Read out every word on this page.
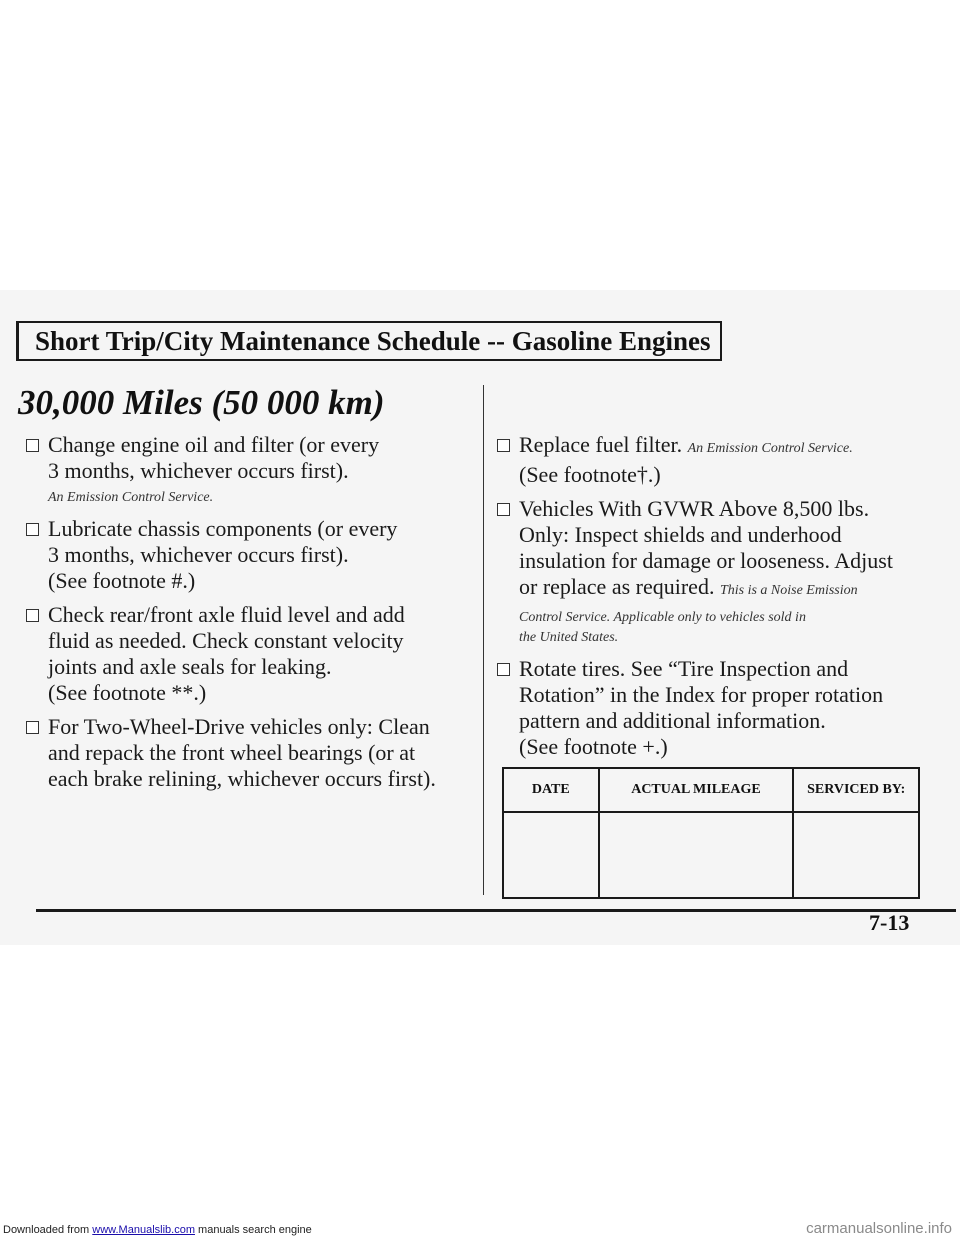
Short Trip/City Maintenance Schedule -- Gasoline Engines
30,000 Miles (50 000 km)
Change engine oil and filter (or every
3 months, whichever occurs first).
An Emission Control Service.
Lubricate chassis components (or every
3 months, whichever occurs first).
(See footnote #.)
Check rear/front axle fluid level and add
fluid as needed. Check constant velocity
joints and axle seals for leaking.
(See footnote **.)
For Two-Wheel-Drive vehicles only: Clean
and repack the front wheel bearings (or at
each brake relining, whichever occurs first).
Replace fuel filter. An Emission Control Service.
(See footnote†.)
Vehicles With GVWR Above 8,500 lbs.
Only: Inspect shields and underhood
insulation for damage or looseness. Adjust
or replace as required. This is a Noise Emission
Control Service. Applicable only to vehicles sold in
the United States.
Rotate tires. See “Tire Inspection and
Rotation” in the Index for proper rotation
pattern and additional information.
(See footnote +.)
DATE	ACTUAL MILEAGE	SERVICED BY:

7-13
Downloaded from www.Manualslib.com manuals search engine	carmanualsonline.info
